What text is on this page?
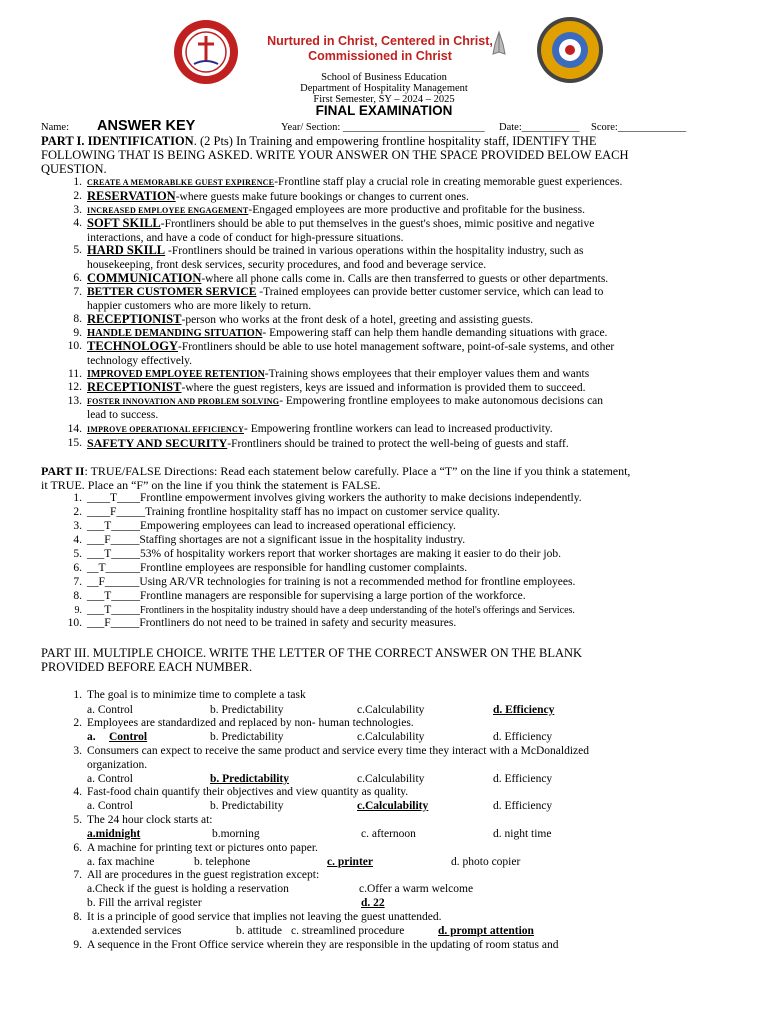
Nurtured in Christ, Centered in Christ,
Commissioned in Christ
School of Business Education
Department of Hospitality Management
First Semester, SY – 2024 – 2025
FINAL EXAMINATION
Name: ANSWER KEY	Year/ Section: ___________________________ Date:___________ Score:_____________
PART I. IDENTIFICATION. (2 Pts) In Training and empowering frontline hospitality staff, IDENTIFY THE
FOLLOWING THAT IS BEING ASKED. WRITE YOUR ANSWER ON THE SPACE PROVIDED BELOW EACH
QUESTION.
1. CREATE A MEMORABLKE GUEST EXPIRENCE-Frontline staff play a crucial role in creating memorable guest experiences.
2. RESERVATION-where guests make future bookings or changes to current ones.
3. INCREASED EMPLOYEE ENGAGEMENT-Engaged employees are more productive and profitable for the business.
4. SOFT SKILL-Frontliners should be able to put themselves in the guest's shoes, mimic positive and negative
interactions, and have a code of conduct for high-pressure situations.
5. HARD SKILL -Frontliners should be trained in various operations within the hospitality industry, such as
housekeeping, front desk services, security procedures, and food and beverage service.
6. COMMUNICATION-where all phone calls come in. Calls are then transferred to guests or other departments.
7. BETTER CUSTOMER SERVICE -Trained employees can provide better customer service, which can lead to
happier customers who are more likely to return.
8. RECEPTIONIST-person who works at the front desk of a hotel, greeting and assisting guests.
9. HANDLE DEMANDING SITUATION- Empowering staff can help them handle demanding situations with grace.
10. TECHNOLOGY-Frontliners should be able to use hotel management software, point-of-sale systems, and other
technology effectively.
11. IMPROVED EMPLOYEE RETENTION-Training shows employees that their employer values them and wants
12. RECEPTIONIST-where the guest registers, keys are issued and information is provided them to succeed.
13. FOSTER INNOVATION AND PROBLEM SOLVING- Empowering frontline employees to make autonomous decisions can
lead to success.
14. IMPROVE OPERATIONAL EFFICIENCY- Empowering frontline workers can lead to increased productivity.
15. SAFETY AND SECURITY-Frontliners should be trained to protect the well-being of guests and staff.
PART II: TRUE/FALSE Directions: Read each statement below carefully. Place a “T” on the line if you think a statement,
it TRUE. Place an “F” on the line if you think the statement is FALSE.
1. ____T____Frontline empowerment involves giving workers the authority to make decisions independently.
2. ____F_____Training frontline hospitality staff has no impact on customer service quality.
3. ___T_____Empowering employees can lead to increased operational efficiency.
4. ___F_____Staffing shortages are not a significant issue in the hospitality industry.
5. ___T_____53% of hospitality workers report that worker shortages are making it easier to do their job.
6. __T______Frontline employees are responsible for handling customer complaints.
7. __F______Using AR/VR technologies for training is not a recommended method for frontline employees.
8. ___T_____Frontline managers are responsible for supervising a large portion of the workforce.
9. ___T_____Frontliners in the hospitality industry should have a deep understanding of the hotel's offerings and Services.
10. ___F_____Frontliners do not need to be trained in safety and security measures.
PART III. MULTIPLE CHOICE. WRITE THE LETTER OF THE CORRECT ANSWER ON THE BLANK
PROVIDED BEFORE EACH NUMBER.
1. The goal is to minimize time to complete a task
a. Control	b. Predictability	c.Calculability	d. Efficiency
2. Employees are standardized and replaced by non- human technologies.
a. Control	b. Predictability	c.Calculability	d. Efficiency
3. Consumers can expect to receive the same product and service every time they interact with a McDonaldized
organization.
a. Control	b. Predictability	c.Calculability	d. Efficiency
4. Fast-food chain quantify their objectives and view quantity as quality.
a. Control	b. Predictability	c.Calculability	d. Efficiency
5. The 24 hour clock starts at:
a.midnight	b.morning	c. afternoon	d. night time
6. A machine for printing text or pictures onto paper.
a. fax machine	b. telephone	c. printer	d. photo copier
7. All are procedures in the guest registration except:
a.Check if the guest is holding a reservation	c.Offer a warm welcome
b. Fill the arrival register	d. 22
8. It is a principle of good service that implies not leaving the guest unattended.
a.extended services	b. attitude c. streamlined procedure	d. prompt attention
9. A sequence in the Front Office service wherein they are responsible in the updating of room status and
